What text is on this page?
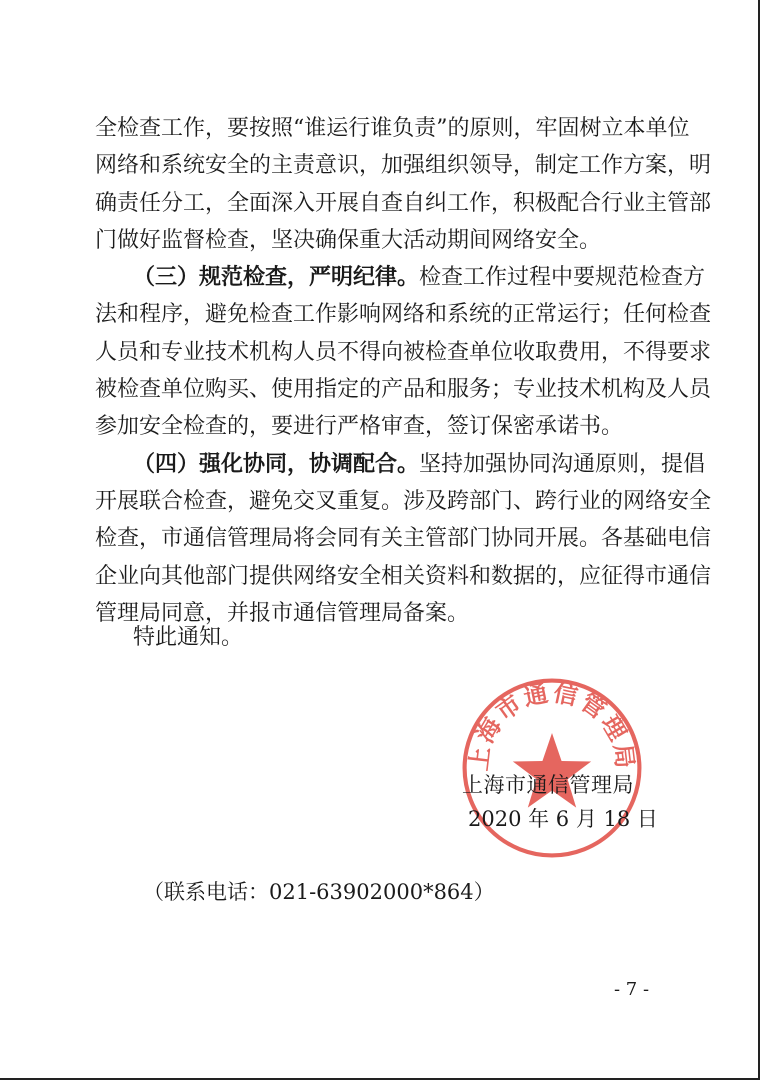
全检查工作，要按照“谁运行谁负责”的原则，牢固树立本单位
网络和系统安全的主责意识，加强组织领导，制定工作方案，明
确责任分工，全面深入开展自查自纠工作，积极配合行业主管部
门做好监督检查，坚决确保重大活动期间网络安全。
（三）规范检查，严明纪律。检查工作过程中要规范检查方
法和程序，避免检查工作影响网络和系统的正常运行；任何检查
人员和专业技术机构人员不得向被检查单位收取费用，不得要求
被检查单位购买、使用指定的产品和服务；专业技术机构及人员
参加安全检查的，要进行严格审查，签订保密承诺书。
（四）强化协同，协调配合。坚持加强协同沟通原则，提倡
开展联合检查，避免交叉重复。涉及跨部门、跨行业的网络安全
检查，市通信管理局将会同有关主管部门协同开展。各基础电信
企业向其他部门提供网络安全相关资料和数据的，应征得市通信
管理局同意，并报市通信管理局备案。
特此通知。
上海市通信管理局
上海市通信管理局
2020 年 6 月 18 日
（联系电话：021-63902000*864）
- 7 -
